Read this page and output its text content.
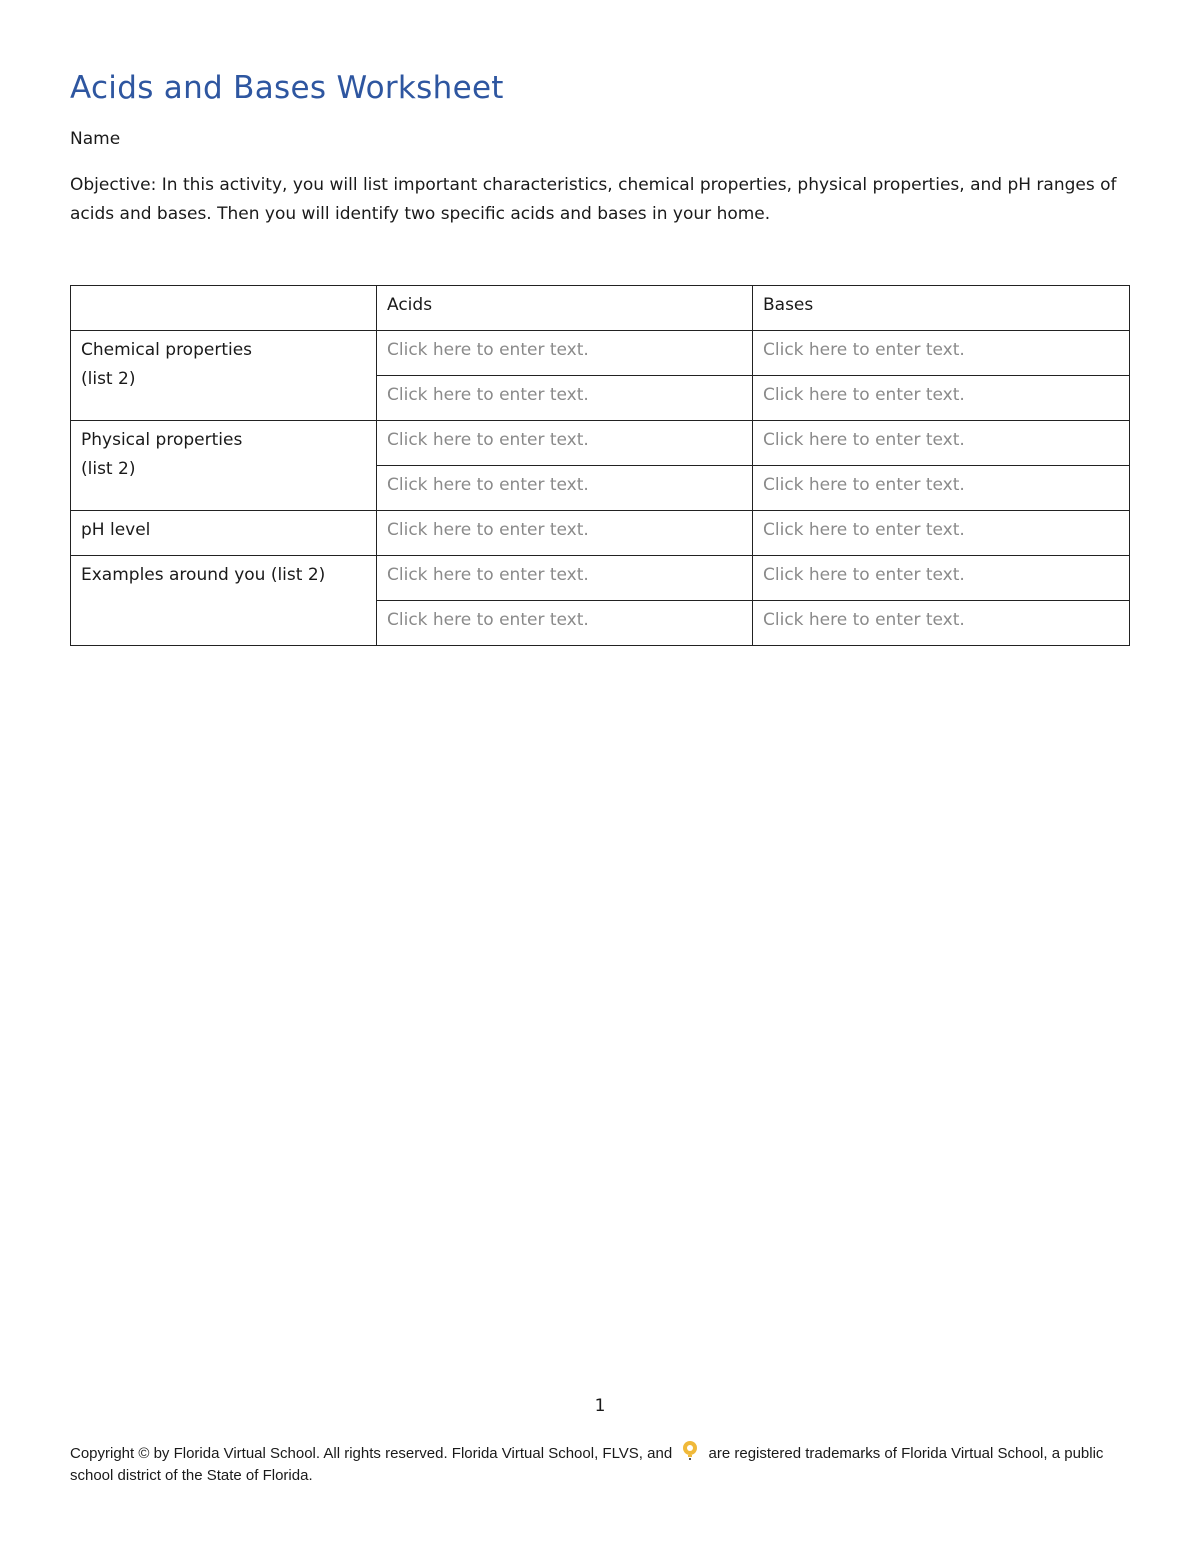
Acids and Bases Worksheet
Name
Objective: In this activity, you will list important characteristics, chemical properties, physical properties, and pH ranges of acids and bases. Then you will identify two specific acids and bases in your home.
	Acids	Bases

Chemical properties
(list 2)	Click here to enter text.	Click here to enter text.
	Click here to enter text.	Click here to enter text.

Physical properties
(list 2)	Click here to enter text.	Click here to enter text.
	Click here to enter text.	Click here to enter text.
pH level	Click here to enter text.	Click here to enter text.
Examples around you (list 2)	Click here to enter text.	Click here to enter text.
	Click here to enter text.	Click here to enter text.
1
Copyright © by Florida Virtual School. All rights reserved. Florida Virtual School, FLVS, and are registered trademarks of Florida Virtual School, a public school district of the State of Florida.
